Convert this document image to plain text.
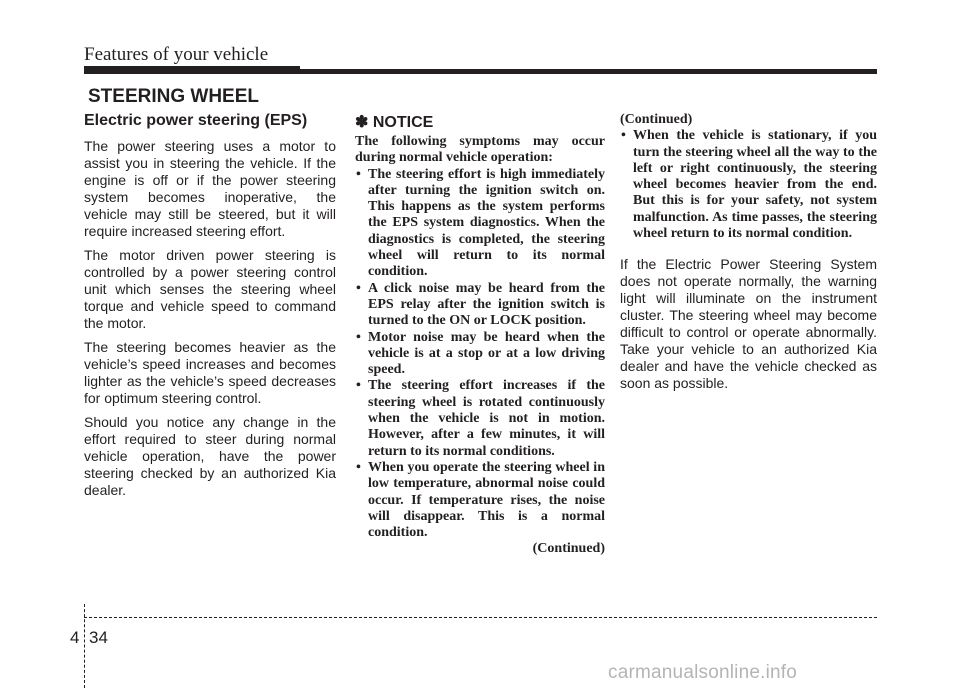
Features of your vehicle
STEERING WHEEL
Electric power steering (EPS)

The power steering uses a motor to assist you in steering the vehicle. If the engine is off or if the power steering system becomes inoperative, the vehicle may still be steered, but it will require increased steering effort.

The motor driven power steering is controlled by a power steering control unit which senses the steering wheel torque and vehicle speed to command the motor.

The steering becomes heavier as the vehicle’s speed increases and becomes lighter as the vehicle’s speed decreases for optimum steering control.

Should you notice any change in the effort required to steer during normal vehicle operation, have the power steering checked by an authorized Kia dealer.

✽ NOTICE

The following symptoms may occur during normal vehicle operation:

• The steering effort is high immediately after turning the ignition switch on. This happens as the system performs the EPS system diagnostics. When the diagnostics is completed, the steering wheel will return to its normal condition.
• A click noise may be heard from the EPS relay after the ignition switch is turned to the ON or LOCK position.
• Motor noise may be heard when the vehicle is at a stop or at a low driving speed.
• The steering effort increases if the steering wheel is rotated continuously when the vehicle is not in motion. However, after a few minutes, it will return to its normal conditions.
• When you operate the steering wheel in low temperature, abnormal noise could occur. If temperature rises, the noise will disappear. This is a normal condition.
(Continued)

(Continued)

• When the vehicle is stationary, if you turn the steering wheel all the way to the left or right continuously, the steering wheel becomes heavier from the end. But this is for your safety, not system malfunction. As time passes, the steering wheel return to its normal condition.
If the Electric Power Steering System does not operate normally, the warning light will illuminate on the instrument cluster. The steering wheel may become difficult to control or operate abnormally. Take your vehicle to an authorized Kia dealer and have the vehicle checked as soon as possible.
4 34
carmanualsonline.info
